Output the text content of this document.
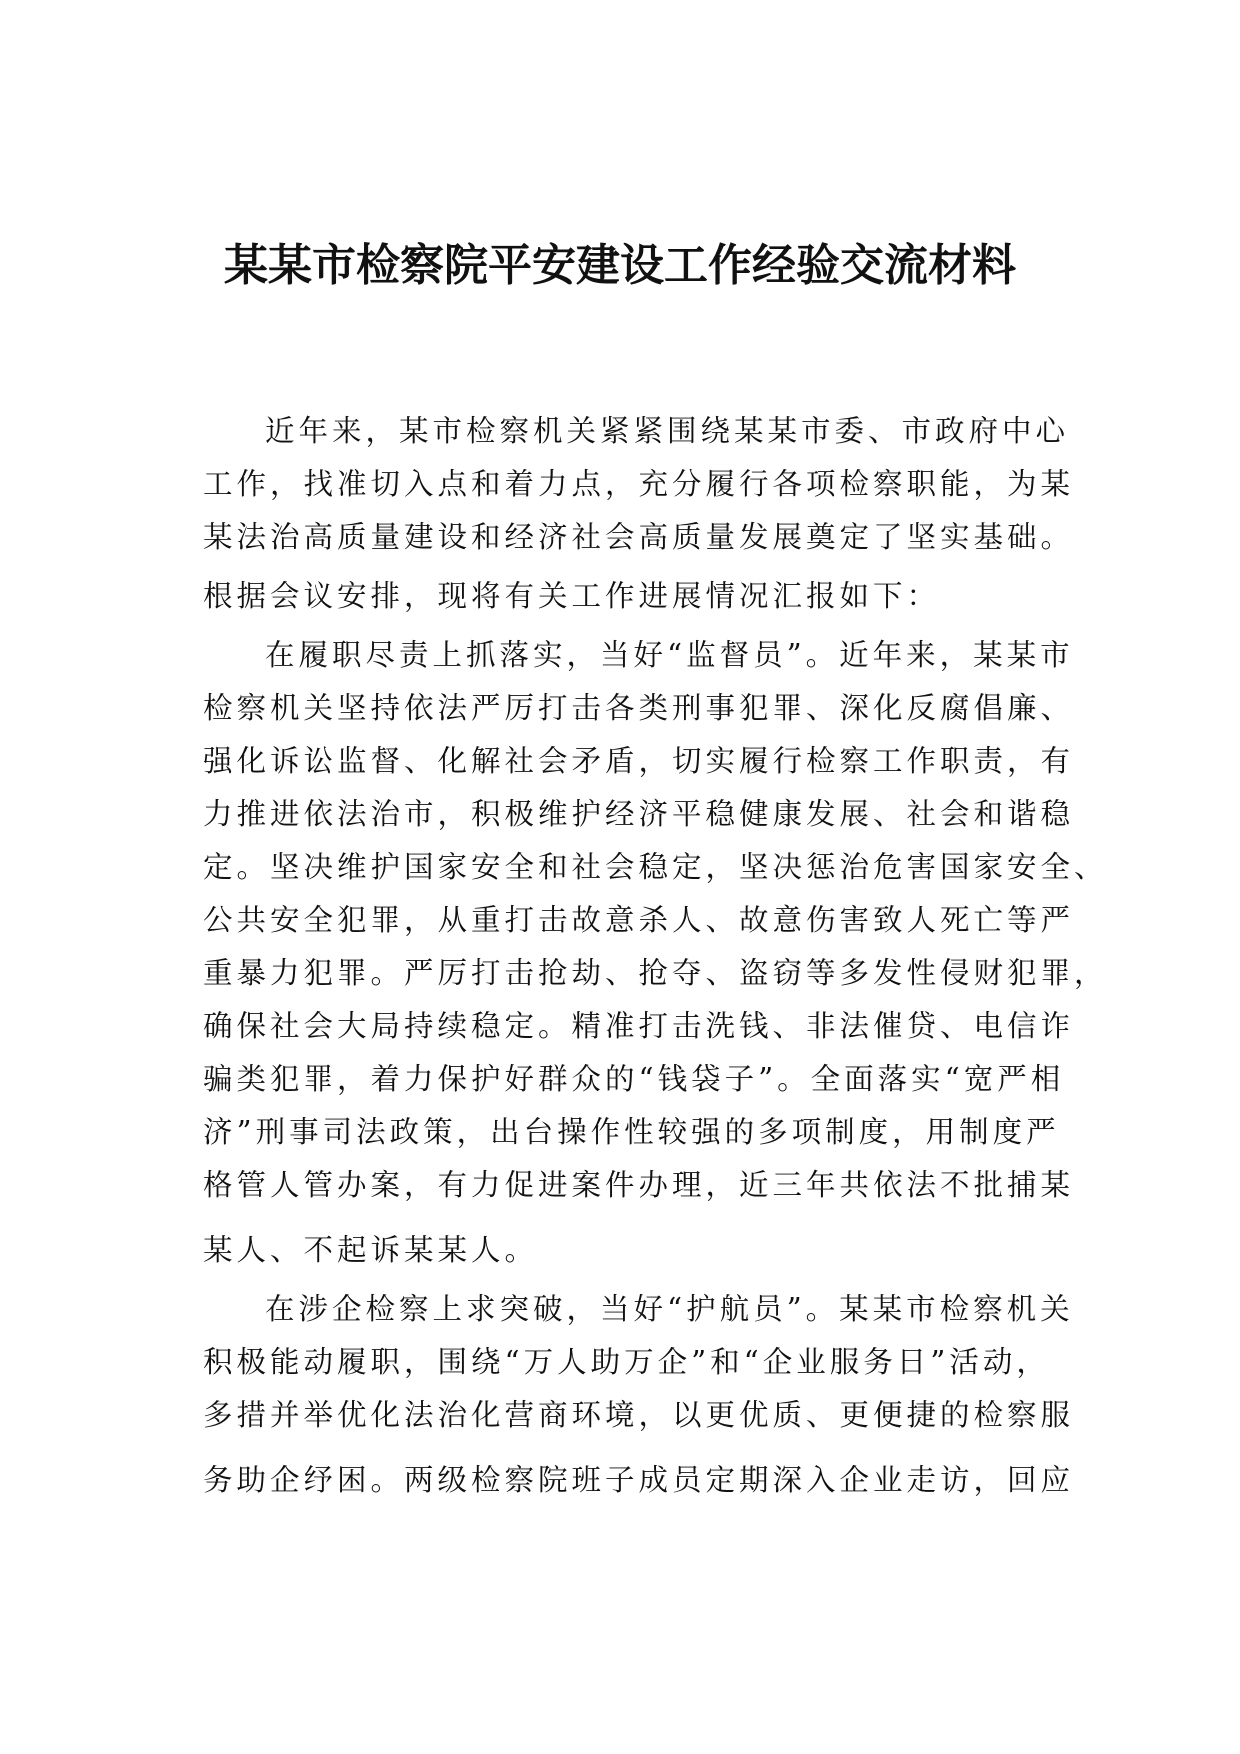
某某市检察院平安建设工作经验交流材料
近年来，某市检察机关紧紧围绕某某市委、市政府中心
工作，找准切入点和着力点，充分履行各项检察职能，为某
某法治高质量建设和经济社会高质量发展奠定了坚实基础。
根据会议安排，现将有关工作进展情况汇报如下：
在履职尽责上抓落实，当好“监督员”。近年来，某某市
检察机关坚持依法严厉打击各类刑事犯罪、深化反腐倡廉、
强化诉讼监督、化解社会矛盾，切实履行检察工作职责，有
力推进依法治市，积极维护经济平稳健康发展、社会和谐稳
定。坚决维护国家安全和社会稳定，坚决惩治危害国家安全、
公共安全犯罪，从重打击故意杀人、故意伤害致人死亡等严
重暴力犯罪。严厉打击抢劫、抢夺、盗窃等多发性侵财犯罪，
确保社会大局持续稳定。精准打击洗钱、非法催贷、电信诈
骗类犯罪，着力保护好群众的“钱袋子”。全面落实“宽严相
济”刑事司法政策，出台操作性较强的多项制度，用制度严
格管人管办案，有力促进案件办理，近三年共依法不批捕某
某人、不起诉某某人。
在涉企检察上求突破，当好“护航员”。某某市检察机关
积极能动履职，围绕“万人助万企”和“企业服务日”活动，
多措并举优化法治化营商环境，以更优质、更便捷的检察服
务助企纾困。两级检察院班子成员定期深入企业走访，回应
